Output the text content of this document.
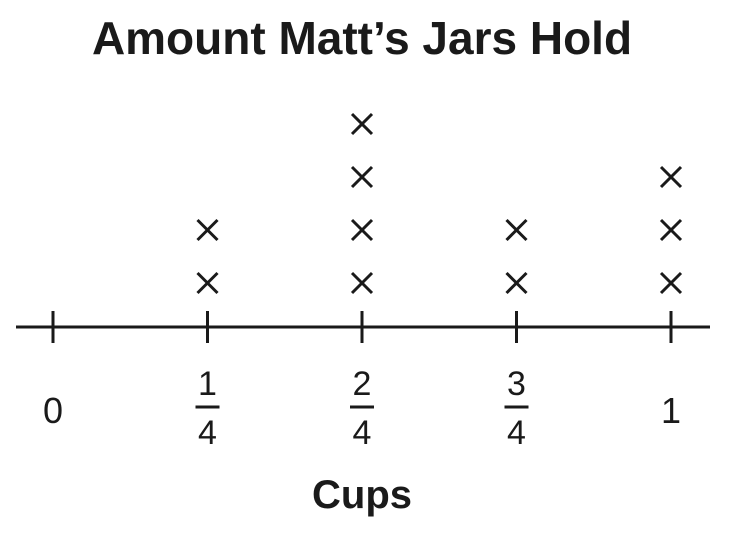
Amount Matt’s Jars Hold
0
1
4
2
4
3
4
1
Cups
